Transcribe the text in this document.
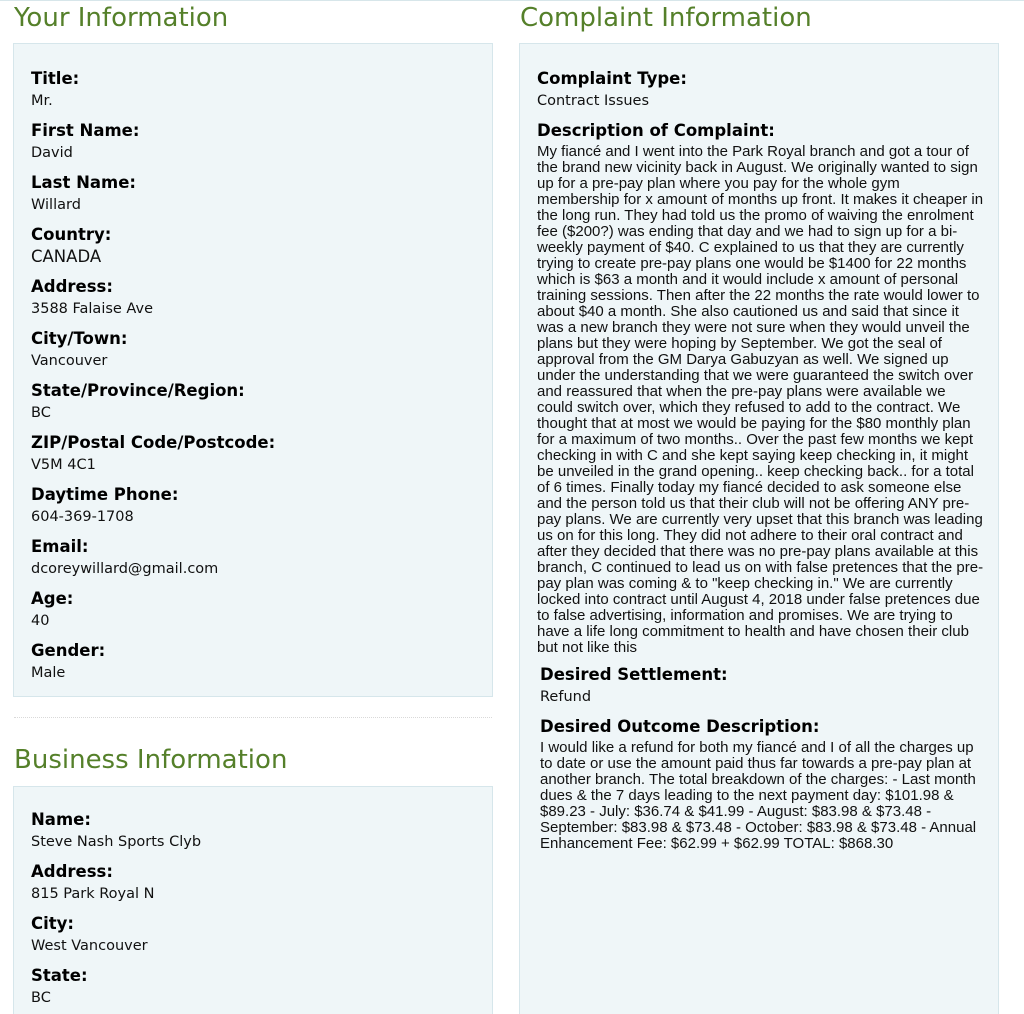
Your Information
Title:
Mr.
First Name:
David
Last Name:
Willard
Country:
CANADA
Address:
3588 Falaise Ave
City/Town:
Vancouver
State/Province/Region:
BC
ZIP/Postal Code/Postcode:
V5M 4C1
Daytime Phone:
604-369-1708
Email:
dcoreywillard@gmail.com
Age:
40
Gender:
Male
Business Information
Name:
Steve Nash Sports Clyb
Address:
815 Park Royal N
City:
West Vancouver
State:
BC
Complaint Information
Complaint Type:
Contract Issues
Description of Complaint:
My fiancé and I went into the Park Royal branch and got a tour of the brand new vicinity back in August. We originally wanted to sign up for a pre-pay plan where you pay for the whole gym membership for x amount of months up front. It makes it cheaper in the long run. They had told us the promo of waiving the enrolment fee ($200?) was ending that day and we had to sign up for a bi-weekly payment of $40. C explained to us that they are currently trying to create pre-pay plans one would be $1400 for 22 months which is $63 a month and it would include x amount of personal training sessions. Then after the 22 months the rate would lower to about $40 a month. She also cautioned us and said that since it was a new branch they were not sure when they would unveil the plans but they were hoping by September. We got the seal of approval from the GM Darya Gabuzyan as well. We signed up under the understanding that we were guaranteed the switch over and reassured that when the pre-pay plans were available we could switch over, which they refused to add to the contract. We thought that at most we would be paying for the $80 monthly plan for a maximum of two months.. Over the past few months we kept checking in with C and she kept saying keep checking in, it might be unveiled in the grand opening.. keep checking back.. for a total of 6 times. Finally today my fiancé decided to ask someone else and the person told us that their club will not be offering ANY pre-pay plans. We are currently very upset that this branch was leading us on for this long. They did not adhere to their oral contract and after they decided that there was no pre-pay plans available at this branch, C continued to lead us on with false pretences that the pre-pay plan was coming & to "keep checking in." We are currently locked into contract until August 4, 2018 under false pretences due to false advertising, information and promises. We are trying to have a life long commitment to health and have chosen their club but not like this
Desired Settlement:
Refund
Desired Outcome Description:
I would like a refund for both my fiancé and I of all the charges up to date or use the amount paid thus far towards a pre-pay plan at another branch. The total breakdown of the charges: - Last month dues & the 7 days leading to the next payment day: $101.98 & $89.23 - July: $36.74 & $41.99 - August: $83.98 & $73.48 - September: $83.98 & $73.48 - October: $83.98 & $73.48 - Annual Enhancement Fee: $62.99 + $62.99 TOTAL: $868.30
